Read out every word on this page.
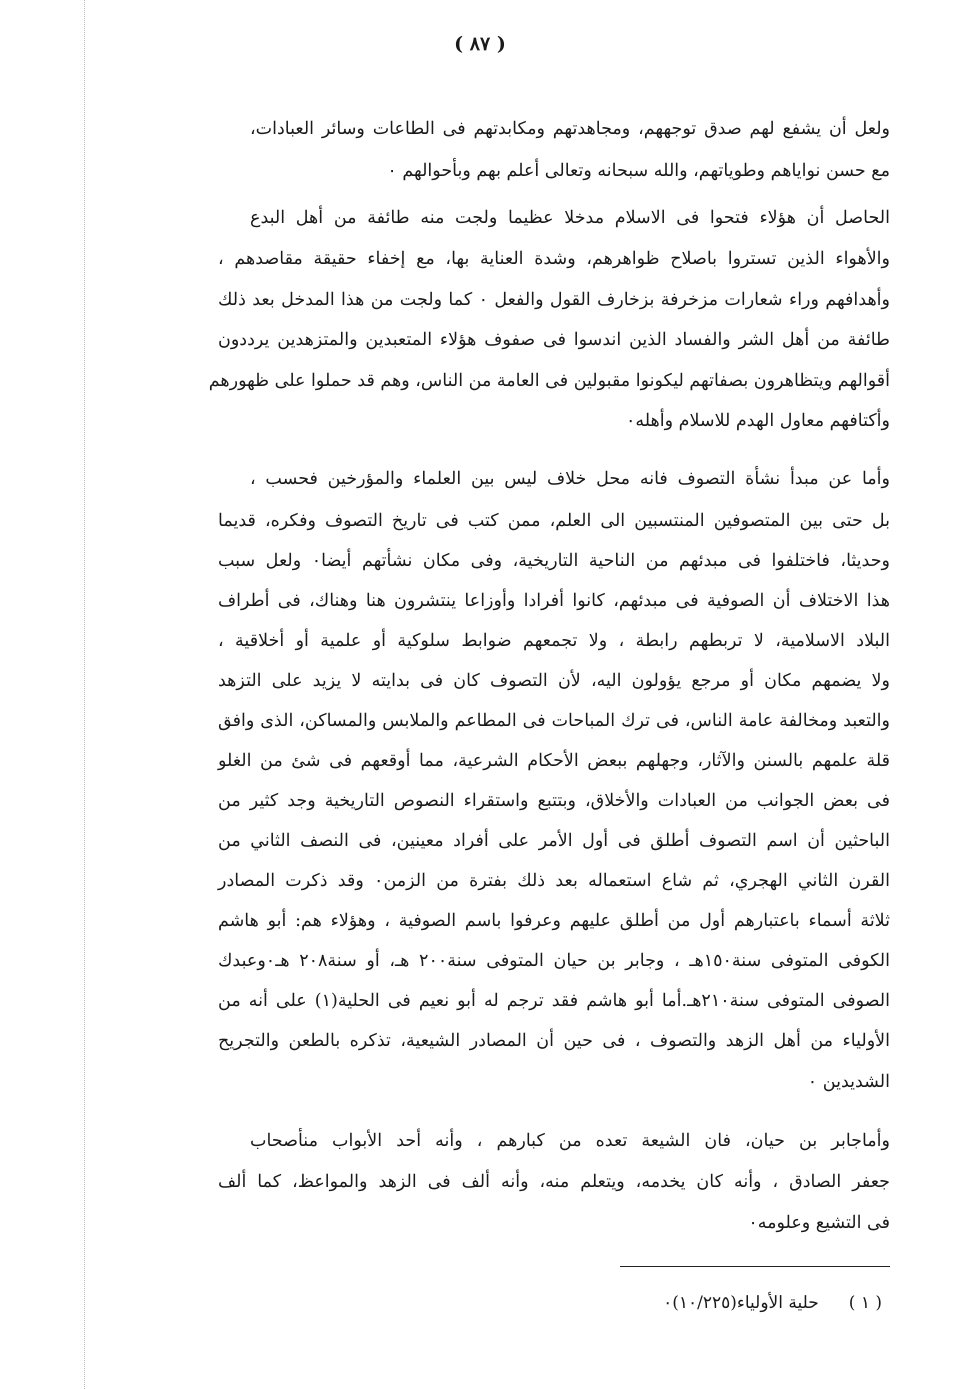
( ٨٧ )

ولعل أن يشفع لهم صدق توجههم، ومجاهدتهم ومكابدتهم فى الطاعات وسائر العبادات،

مع حسن نواياهم وطوياتهم، والله سبحانه وتعالى أعلم بهم وبأحوالهم ٠

الحاصل أن هؤلاء فتحوا فى الاسلام مدخلا عظيما ولجت منه طائفة من أهل البدع

والأهواء الذين تستروا باصلاح ظواهرهم، وشدة العناية بها، مع إخفاء حقيقة مقاصدهم ،

وأهدافهم وراء شعارات مزخرفة بزخارف القول والفعل ٠ كما ولجت من هذا المدخل بعد ذلك

طائفة من أهل الشر والفساد الذين اندسوا فى صفوف هؤلاء المتعبدين والمتزهدين يرددون

أقوالهم ويتظاهرون بصفاتهم ليكونوا مقبولين فى العامة من الناس، وهم قد حملوا على ظهورهم

وأكتافهم معاول الهدم للاسلام وأهله٠

وأما عن مبدأ نشأة التصوف فانه محل خلاف ليس بين العلماء والمؤرخين فحسب ،

بل حتى بين المتصوفين المنتسبين الى العلم، ممن كتب فى تاريخ التصوف وفكره، قديما

وحديثا، فاختلفوا فى مبدئهم من الناحية التاريخية، وفى مكان نشأتهم أيضا٠ ولعل سبب

هذا الاختلاف أن الصوفية فى مبدئهم، كانوا أفرادا وأوزاعا ينتشرون هنا وهناك، فى أطراف

البلاد الاسلامية، لا تربطهم رابطة ، ولا تجمعهم ضوابط سلوكية أو علمية أو أخلاقية ،

ولا يضمهم مكان أو مرجع يؤولون اليه، لأن التصوف كان فى بدايته لا يزيد على التزهد

والتعبد ومخالفة عامة الناس، فى ترك المباحات فى المطاعم والملابس والمساكن، الذى وافق

قلة علمهم بالسنن والآثار، وجهلهم ببعض الأحكام الشرعية، مما أوقعهم فى شئ من الغلو

فى بعض الجوانب من العبادات والأخلاق، وبتتبع واستقراء النصوص التاريخية وجد كثير من

الباحثين أن اسم التصوف أطلق فى أول الأمر على أفراد معينين، فى النصف الثاني من

القرن الثاني الهجري، ثم شاع استعماله بعد ذلك بفترة من الزمن٠ وقد ذكرت المصادر

ثلاثة أسماء باعتبارهم أول من أطلق عليهم وعرفوا باسم الصوفية ، وهؤلاء هم: أبو هاشم

الكوفى المتوفى سنة١٥٠هـ ، وجابر بن حيان المتوفى سنة٢٠٠ هـ، أو سنة٢٠٨ هـ٠وعبدك

الصوفى المتوفى سنة٢١٠هـ.أما أبو هاشم فقد ترجم له أبو نعيم فى الحلية(١) على أنه من

الأولياء من أهل الزهد والتصوف ، فى حين أن المصادر الشيعية، تذكره بالطعن والتجريح

الشديدين ٠

وأماجابر بن حيان، فان الشيعة تعده من كبارهم ، وأنه أحد الأبواب منأصحاب

جعفر الصادق ، وأنه كان يخدمه، ويتعلم منه، وأنه ألف فى الزهد والمواعظ، كما ألف

فى التشيع وعلومه٠

( ١ )حلية الأولياء(١٠/٢٢٥)٠
